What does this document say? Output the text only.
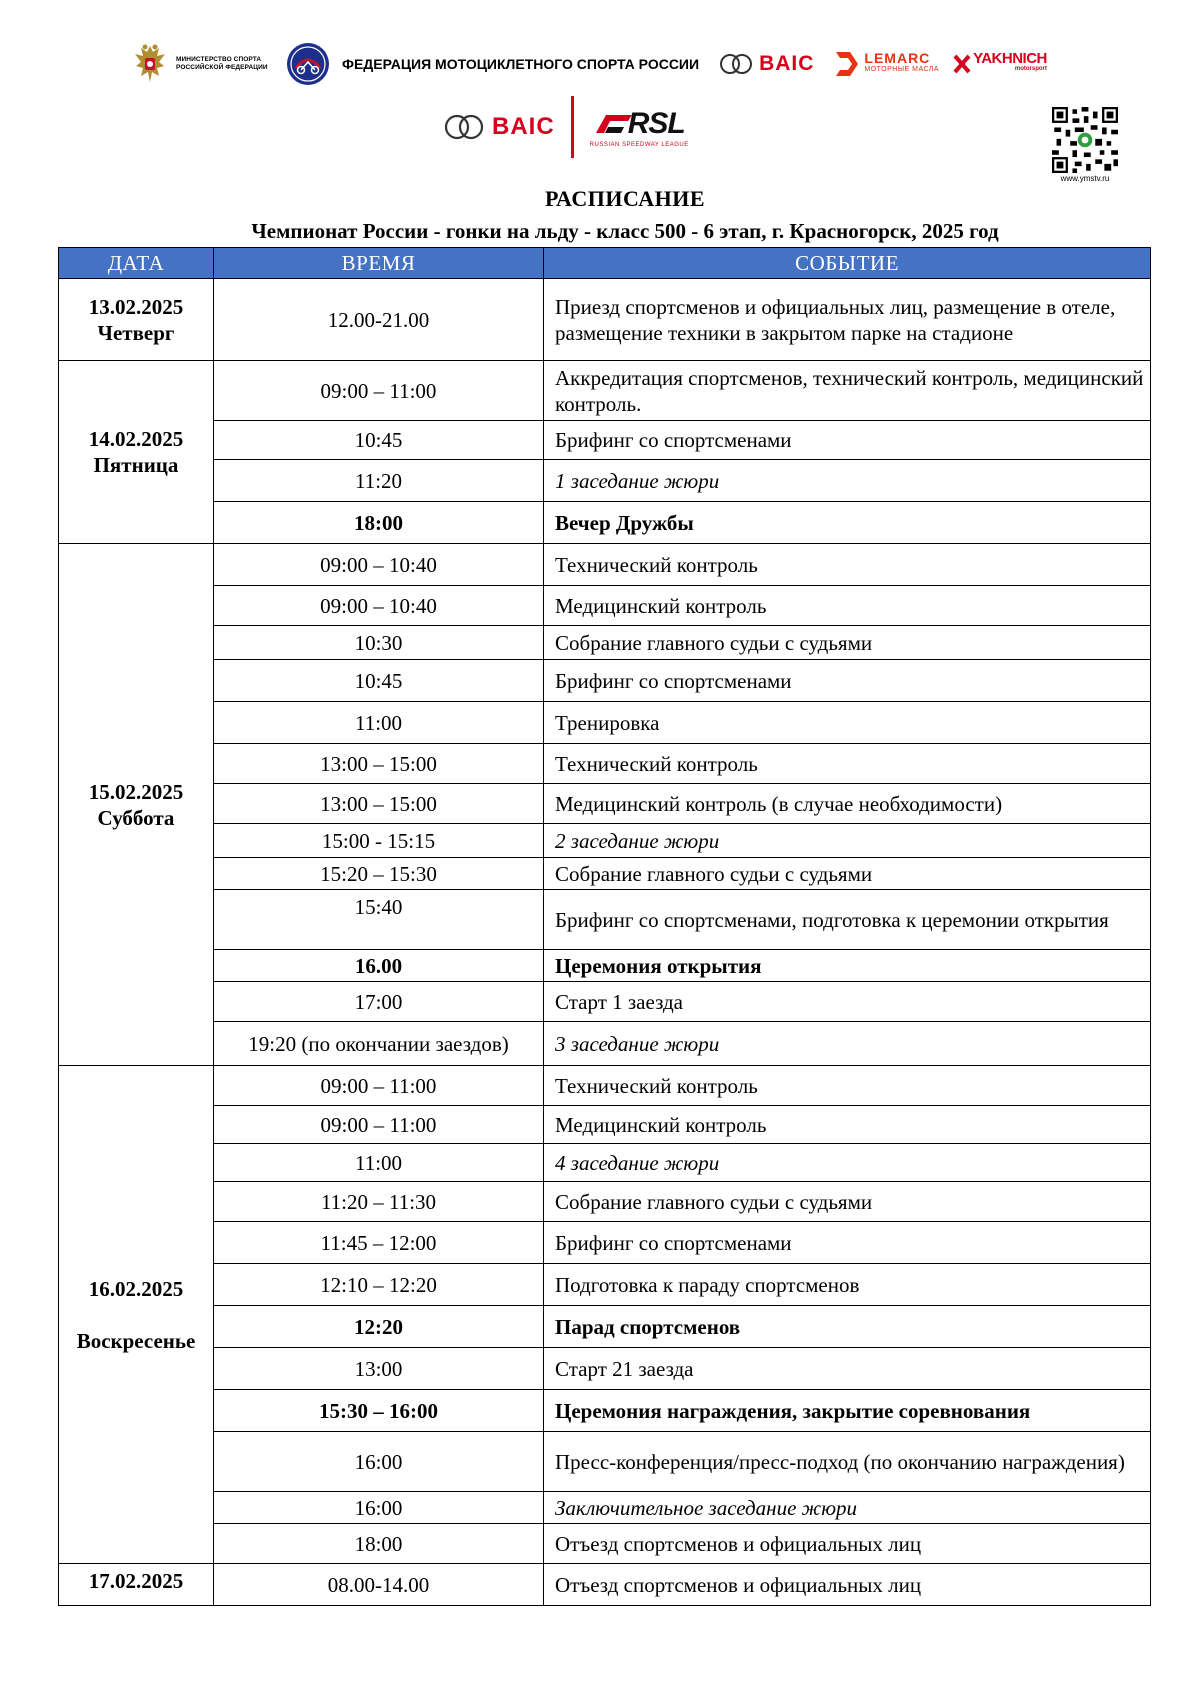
МИНИСТЕРСТВО СПОРТА
РОССИЙСКОЙ ФЕДЕРАЦИИ	ФЕДЕРАЦИЯ МОТОЦИКЛЕТНОГО СПОРТА РОССИИ	BAIC	LEMARC
МОТОРНЫЕ МАСЛА
YAKHNICH
motorsport
BAIC RSL
RUSSIAN SPEEDWAY LEAGUE
www.ymstv.ru
РАСПИСАНИЕ
Чемпионат России - гонки на льду - класс 500 - 6 этап, г. Красногорск, 2025 год
ДАТА	ВРЕМЯ	СОБЫТИЕ

13.02.2025
Четверг	12.00-21.00	Приезд спортсменов и официальных лиц, размещение в отеле, размещение техники в закрытом парке на стадионе

14.02.2025
Пятница	09:00 – 11:00	Аккредитация спортсменов, технический контроль, медицинский контроль.
	10:45	Брифинг со спортсменами
	11:20	1 заседание жюри
	18:00	Вечер Дружбы

15.02.2025
Суббота	09:00 – 10:40	Технический контроль
	09:00 – 10:40	Медицинский контроль
	10:30	Собрание главного судьи с судьями
	10:45	Брифинг со спортсменами
	11:00	Тренировка
	13:00 – 15:00	Технический контроль
	13:00 – 15:00	Медицинский контроль (в случае необходимости)
	15:00 - 15:15	2 заседание жюри
	15:20 – 15:30	Собрание главного судьи с судьями
	15:40	Брифинг со спортсменами, подготовка к церемонии открытия
	16.00	Церемония открытия
	17:00	Старт 1 заезда
	19:20 (по окончании заездов)	3 заседание жюри

16.02.2025
Воскресенье	09:00 – 11:00	Технический контроль
	09:00 – 11:00	Медицинский контроль
	11:00	4 заседание жюри
	11:20 – 11:30	Собрание главного судьи с судьями
	11:45 – 12:00	Брифинг со спортсменами
	12:10 – 12:20	Подготовка к параду спортсменов
	12:20	Парад спортсменов
	13:00	Старт 21 заезда
	15:30 – 16:00	Церемония награждения, закрытие соревнования
	16:00	Пресс-конференция/пресс-подход (по окончанию награждения)
	16:00	Заключительное заседание жюри
	18:00	Отъезд спортсменов и официальных лиц

17.02.2025	08.00-14.00	Отъезд спортсменов и официальных лиц
